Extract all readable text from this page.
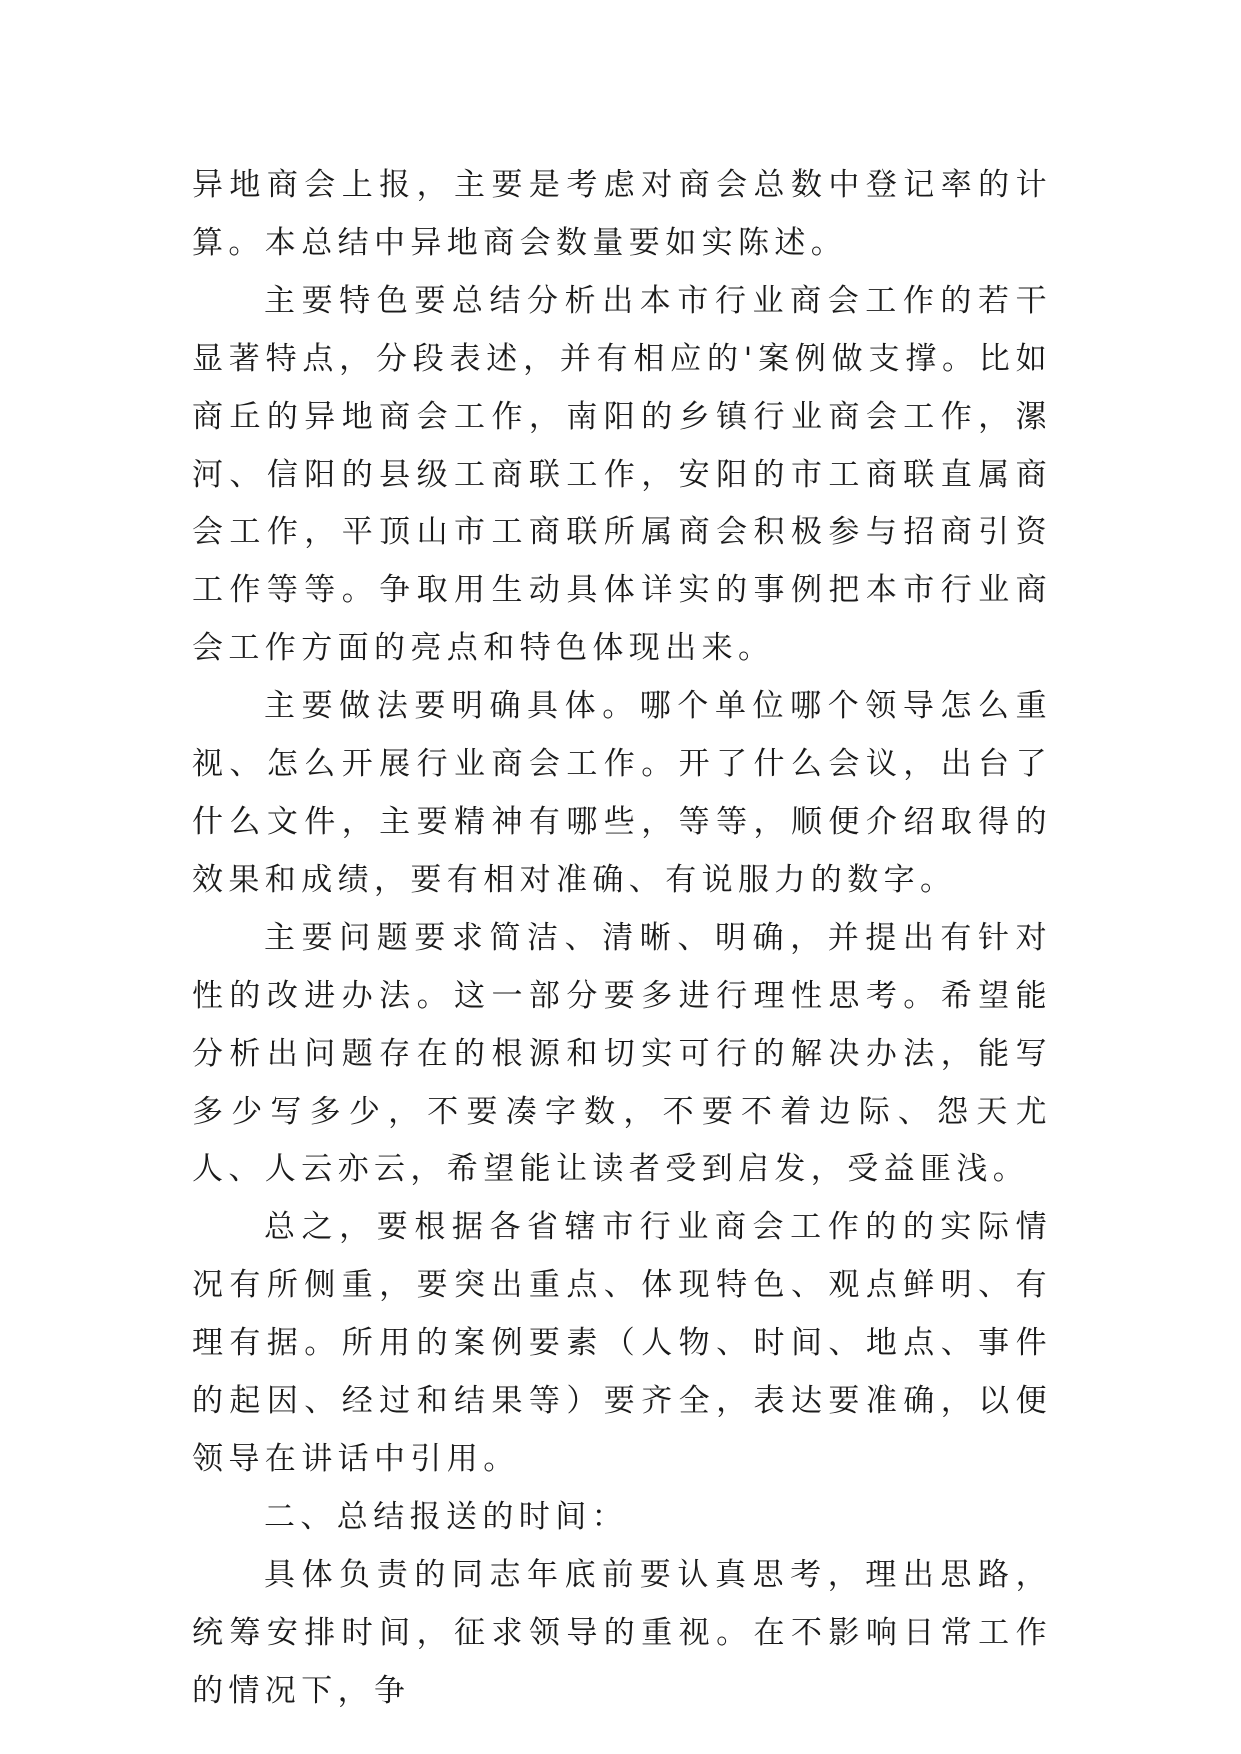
异地商会上报，主要是考虑对商会总数中登记率的计算。本总结中异地商会数量要如实陈述。

主要特色要总结分析出本市行业商会工作的若干显著特点，分段表述，并有相应的'案例做支撑。比如商丘的异地商会工作，南阳的乡镇行业商会工作，漯河、信阳的县级工商联工作，安阳的市工商联直属商会工作，平顶山市工商联所属商会积极参与招商引资工作等等。争取用生动具体详实的事例把本市行业商会工作方面的亮点和特色体现出来。

主要做法要明确具体。哪个单位哪个领导怎么重视、怎么开展行业商会工作。开了什么会议，出台了什么文件，主要精神有哪些，等等，顺便介绍取得的效果和成绩，要有相对准确、有说服力的数字。

主要问题要求简洁、清晰、明确，并提出有针对性的改进办法。这一部分要多进行理性思考。希望能分析出问题存在的根源和切实可行的解决办法，能写多少写多少，不要凑字数，不要不着边际、怨天尤人、人云亦云，希望能让读者受到启发，受益匪浅。

总之，要根据各省辖市行业商会工作的的实际情况有所侧重，要突出重点、体现特色、观点鲜明、有理有据。所用的案例要素（人物、时间、地点、事件的起因、经过和结果等）要齐全，表达要准确，以便领导在讲话中引用。

二、总结报送的时间：

具体负责的同志年底前要认真思考，理出思路，统筹安排时间，征求领导的重视。在不影响日常工作的情况下，争
